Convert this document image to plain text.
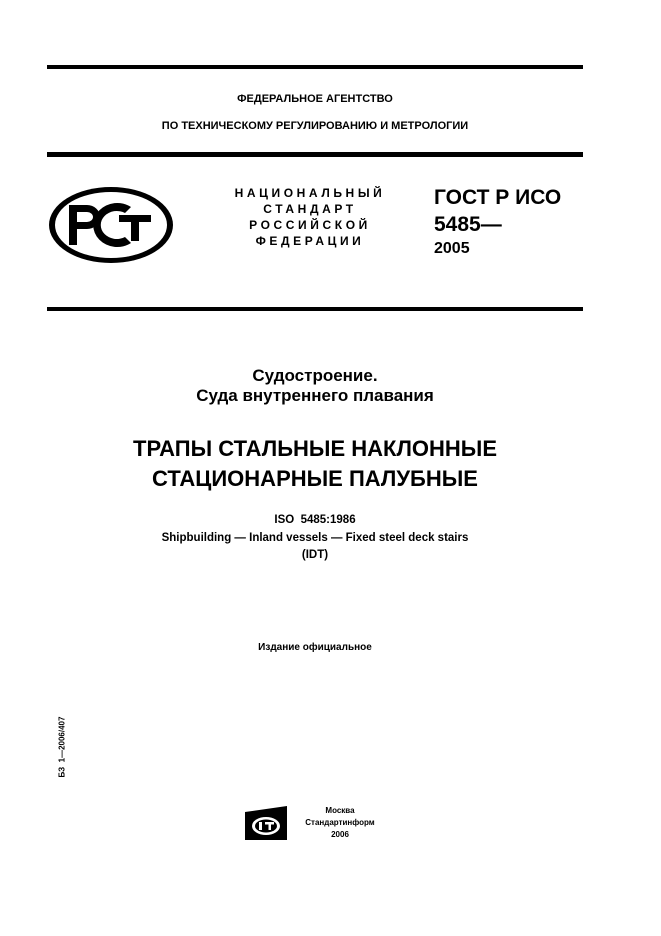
ФЕДЕРАЛЬНОЕ АГЕНТСТВО
ПО ТЕХНИЧЕСКОМУ РЕГУЛИРОВАНИЮ И МЕТРОЛОГИИ
НАЦИОНАЛЬНЫЙ
СТАНДАРТ
РОССИЙСКОЙ
ФЕДЕРАЦИИ
ГОСТ Р ИСО
5485—
2005
Судостроение.
Суда внутреннего плавания
ТРАПЫ СТАЛЬНЫЕ НАКЛОННЫЕ
СТАЦИОНАРНЫЕ ПАЛУБНЫЕ
ISO  5485:1986
Shipbuilding — Inland vessels — Fixed steel deck stairs
(IDT)
Издание официальное
БЗ  1—2006/407
Москва
Стандартинформ
2006
